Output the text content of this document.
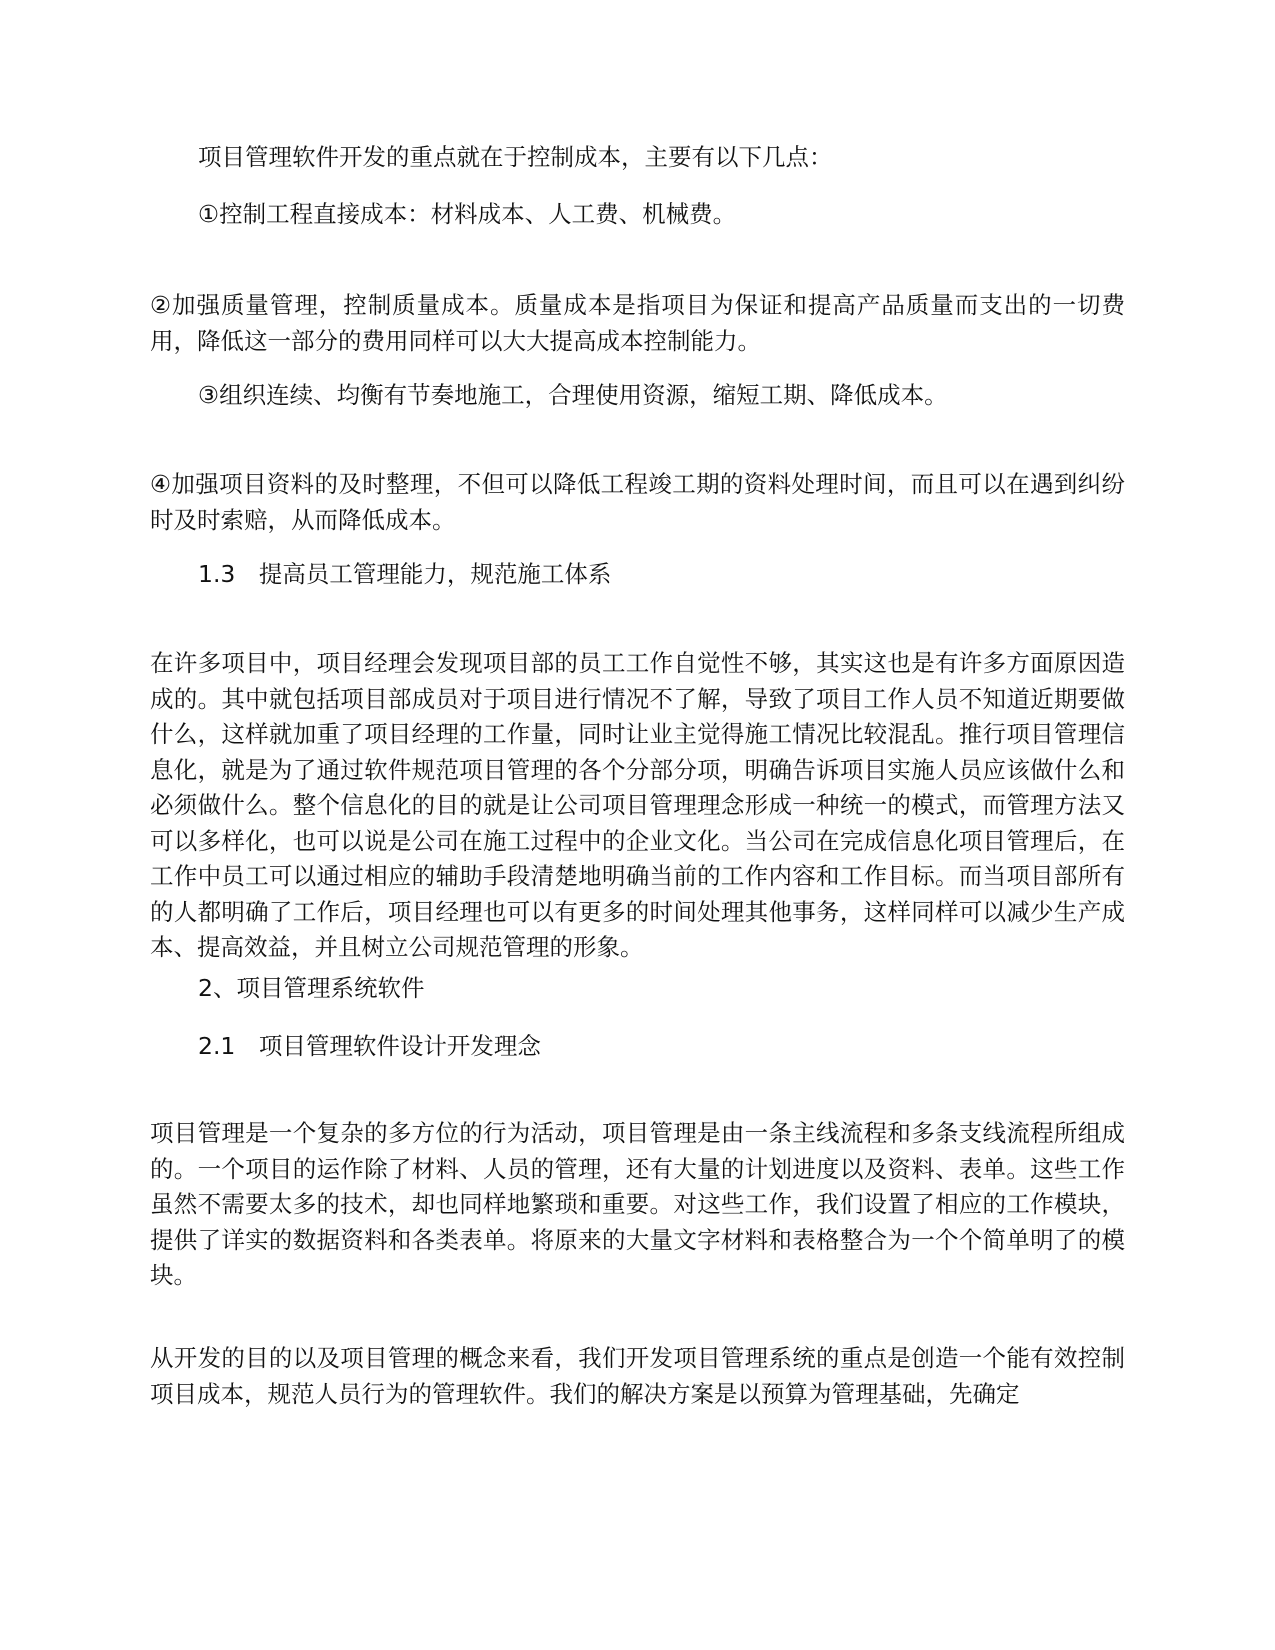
项目管理软件开发的重点就在于控制成本，主要有以下几点：

①控制工程直接成本：材料成本、人工费、机械费。

②加强质量管理，控制质量成本。质量成本是指项目为保证和提高产品质量而支出的一切费用，降低这一部分的费用同样可以大大提高成本控制能力。

③组织连续、均衡有节奏地施工，合理使用资源，缩短工期、降低成本。

④加强项目资料的及时整理，不但可以降低工程竣工期的资料处理时间，而且可以在遇到纠纷时及时索赔，从而降低成本。

1.3　提高员工管理能力，规范施工体系

在许多项目中，项目经理会发现项目部的员工工作自觉性不够，其实这也是有许多方面原因造成的。其中就包括项目部成员对于项目进行情况不了解，导致了项目工作人员不知道近期要做什么，这样就加重了项目经理的工作量，同时让业主觉得施工情况比较混乱。推行项目管理信息化，就是为了通过软件规范项目管理的各个分部分项，明确告诉项目实施人员应该做什么和必须做什么。整个信息化的目的就是让公司项目管理理念形成一种统一的模式，而管理方法又可以多样化，也可以说是公司在施工过程中的企业文化。当公司在完成信息化项目管理后，在工作中员工可以通过相应的辅助手段清楚地明确当前的工作内容和工作目标。而当项目部所有的人都明确了工作后，项目经理也可以有更多的时间处理其他事务，这样同样可以减少生产成本、提高效益，并且树立公司规范管理的形象。

2、项目管理系统软件

2.1　项目管理软件设计开发理念

项目管理是一个复杂的多方位的行为活动，项目管理是由一条主线流程和多条支线流程所组成的。一个项目的运作除了材料、人员的管理，还有大量的计划进度以及资料、表单。这些工作虽然不需要太多的技术，却也同样地繁琐和重要。对这些工作，我们设置了相应的工作模块，提供了详实的数据资料和各类表单。将原来的大量文字材料和表格整合为一个个简单明了的模块。

从开发的目的以及项目管理的概念来看，我们开发项目管理系统的重点是创造一个能有效控制项目成本，规范人员行为的管理软件。我们的解决方案是以预算为管理基础，先确定
